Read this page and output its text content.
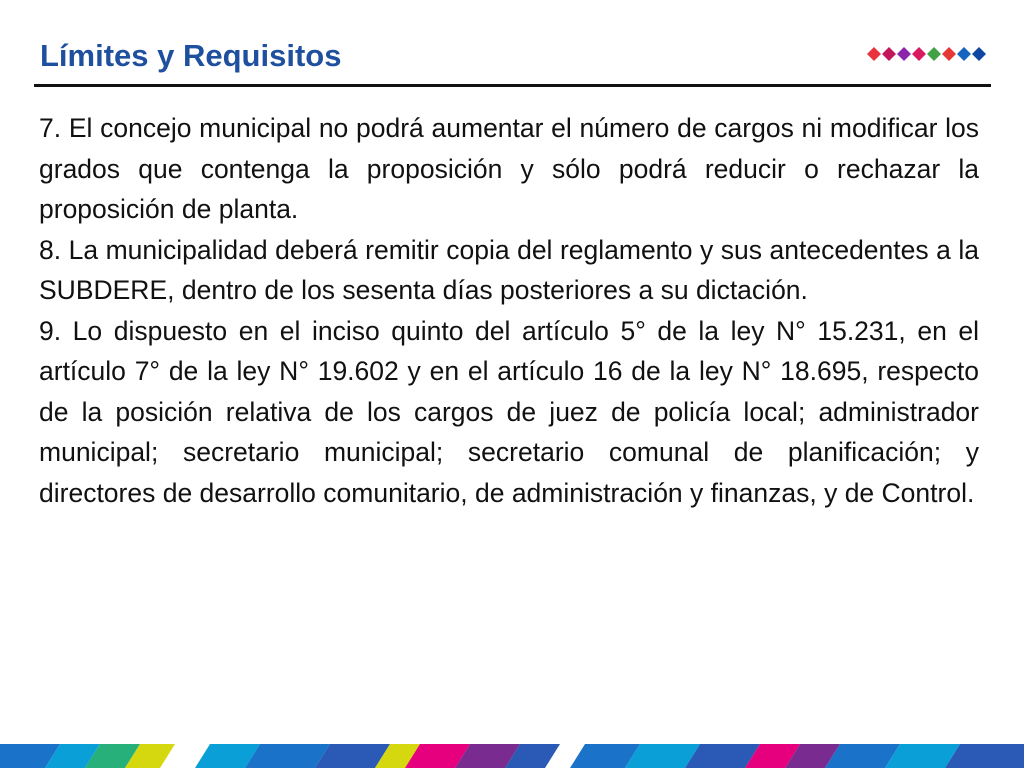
Límites y Requisitos

7. El concejo municipal no podrá aumentar el número de cargos ni modificar los grados que contenga la proposición y sólo podrá reducir o rechazar la proposición de planta.

8. La municipalidad deberá remitir copia del reglamento y sus antecedentes a la SUBDERE, dentro de los sesenta días posteriores a su dictación.

9. Lo dispuesto en el inciso quinto del artículo 5° de la ley N° 15.231, en el artículo 7° de la ley N° 19.602 y en el artículo 16 de la ley N° 18.695, respecto de la posición relativa de los cargos de juez de policía local; administrador municipal; secretario municipal; secretario comunal de planificación; y directores de desarrollo comunitario, de administración y finanzas, y de Control.
